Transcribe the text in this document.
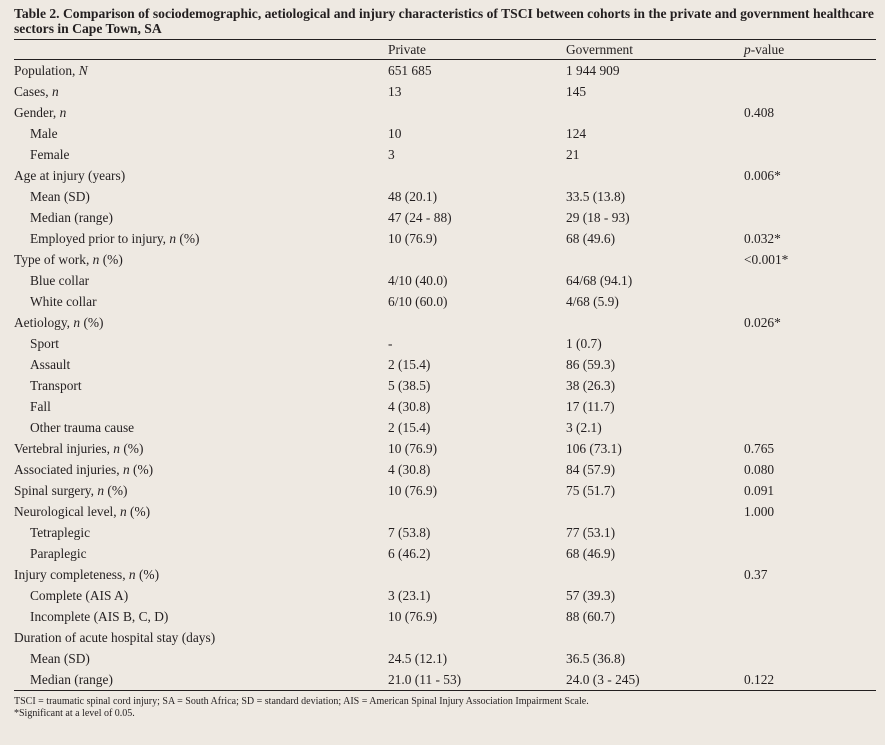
Table 2. Comparison of sociodemographic, aetiological and injury characteristics of TSCI between cohorts in the private and government healthcare sectors in Cape Town, SA

	Private	Government	p-value
Population, N	651 685	1 944 909	
Cases, n	13	145	
Gender, n			0.408
Male	10	124	
Female	3	21	
Age at injury (years)			0.006*
Mean (SD)	48 (20.1)	33.5 (13.8)	
Median (range)	47 (24 - 88)	29 (18 - 93)	
Employed prior to injury, n (%)	10 (76.9)	68 (49.6)	0.032*
Type of work, n (%)			<0.001*
Blue collar	4/10 (40.0)	64/68 (94.1)	
White collar	6/10 (60.0)	4/68 (5.9)	
Aetiology, n (%)			0.026*
Sport	-	1 (0.7)	
Assault	2 (15.4)	86 (59.3)	
Transport	5 (38.5)	38 (26.3)	
Fall	4 (30.8)	17 (11.7)	
Other trauma cause	2 (15.4)	3 (2.1)	
Vertebral injuries, n (%)	10 (76.9)	106 (73.1)	0.765
Associated injuries, n (%)	4 (30.8)	84 (57.9)	0.080
Spinal surgery, n (%)	10 (76.9)	75 (51.7)	0.091
Neurological level, n (%)			1.000
Tetraplegic	7 (53.8)	77 (53.1)	
Paraplegic	6 (46.2)	68 (46.9)	
Injury completeness, n (%)			0.37
Complete (AIS A)	3 (23.1)	57 (39.3)	
Incomplete (AIS B, C, D)	10 (76.9)	88 (60.7)	
Duration of acute hospital stay (days)			
Mean (SD)	24.5 (12.1)	36.5 (36.8)	
Median (range)	21.0 (11 - 53)	24.0 (3 - 245)	0.122
TSCI = traumatic spinal cord injury; SA = South Africa; SD = standard deviation; AIS = American Spinal Injury Association Impairment Scale.
*Significant at a level of 0.05.
